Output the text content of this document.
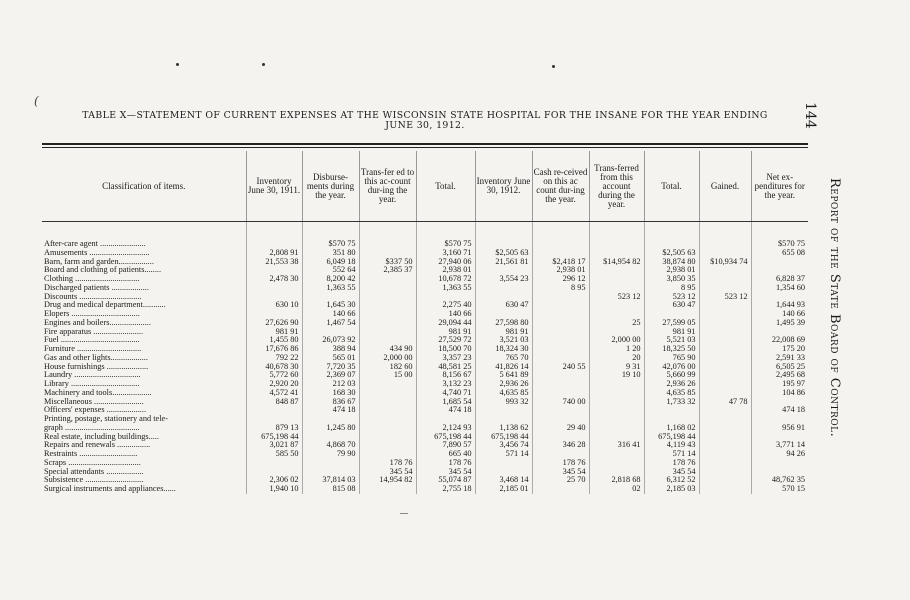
(
TABLE X—STATEMENT OF CURRENT EXPENSES AT THE WISCONSIN STATE HOSPITAL FOR THE INSANE FOR THE YEAR ENDING
JUNE 30, 1912.	144
Report of the State Board of Control.
Classification of items.	Inventory June 30, 1911.	Disburse-ments during the year.	Trans-fer ed to this ac-count dur-ing the year.	Total.	Inventory June 30, 1912.	Cash re-ceived on this ac count dur-ing the year.	Trans-ferred from this account during the year.	Total.	Gained.	Net ex-penditures for the year.

After-care agent ......................		$570 75		$570 75						$570 75
Amusements .............................	2,808 91	351 80		3,160 71	$2,505 63			$2,505 63		655 08
Barn, farm and garden.................	21,553 38	6,049 18	$337 50	27,940 06	21,561 81	$2,418 17	$14,954 82	38,874 80	$10,934 74	
Board and clothing of patients........		552 64	2,385 37	2,938 01		2,938 01		2,938 01		
Clothing ...............................	2,478 30	8,200 42		10,678 72	3,554 23	296 12		3,850 35		6,828 37
Discharged patients ..................		1,363 55		1,363 55		8 95		8 95		1,354 60
Discounts ..............................							523 12	523 12	523 12	
Drug and medical department...........	630 10	1,645 30		2,275 40	630 47			630 47		1,644 93
Elopers .................................		140 66		140 66						140 66
Engines and boilers....................	27,626 90	1,467 54		29,094 44	27,598 80		25	27,599 05		1,495 39
Fire apparatus ........................	981 91			981 91	981 91			981 91		
Fuel ......................................	1,455 80	26,073 92		27,529 72	3,521 03		2,000 00	5,521 03		22,008 69
Furniture ...............................	17,676 86	388 94	434 90	18,500 70	18,324 30		1 20	18,325 50		175 20
Gas and other lights..................	792 22	565 01	2,000 00	3,357 23	765 70		20	765 90		2,591 33
House furnishings ....................	40,678 30	7,720 35	182 60	48,581 25	41,826 14	240 55	9 31	42,076 00		6,505 25
Laundry ................................	5,772 60	2,369 07	15 00	8,156 67	5 641 89		19 10	5,660 99		2,495 68
Library .................................	2,920 20	212 03		3,132 23	2,936 26			2,936 26		195 97
Machinery and tools...................	4,572 41	168 30		4,740 71	4,635 85			4,635 85		104 86
Miscellaneous ........................	848 87	836 67		1,685 54	993 32	740 00		1,733 32	47 78	
Officers' expenses ...................		474 18		474 18						474 18
Printing, postage, stationery and tele-										
graph ....................................	879 13	1,245 80		2,124 93	1,138 62	29 40		1,168 02		956 91
Real estate, including buildings.....	675,198 44			675,198 44	675,198 44			675,198 44		
Repairs and renewals ................	3,021 87	4,868 70		7,890 57	3,456 74	346 28	316 41	4,119 43		3,771 14
Restraints ............................	585 50	79 90		665 40	571 14			571 14		94 26
Scraps ...................................			178 76	178 76		178 76		178 76		
Special attendants ..................			345 54	345 54		345 54		345 54		
Subsistence ............................	2,306 02	37,814 03	14,954 82	55,074 87	3,468 14	25 70	2,818 68	6,312 52		48,762 35
Surgical instruments and appliances......	1,940 10	815 08		2,755 18	2,185 01		02	2,185 03		570 15
